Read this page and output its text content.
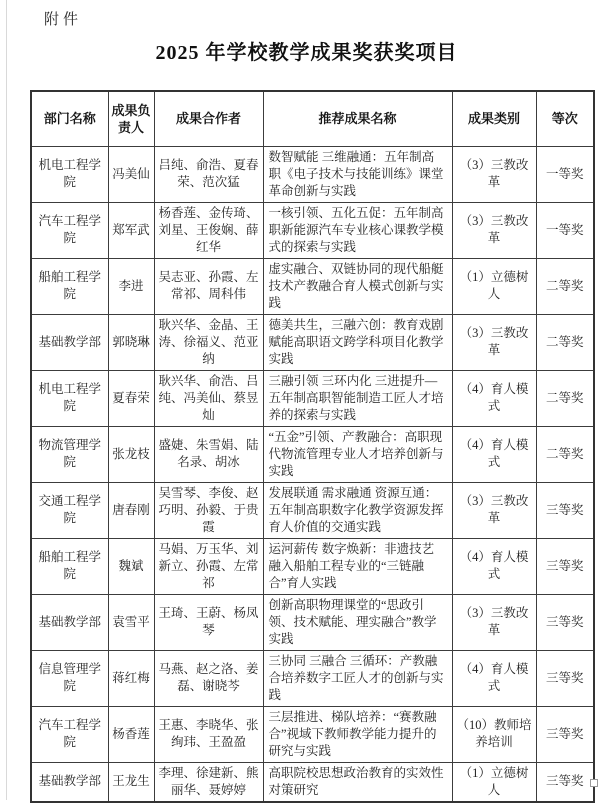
附件
2025 年学校教学成果奖获奖项目
部门名称	成果负责人	成果合作者	推荐成果名称	成果类别	等次
机电工程学院	冯美仙	吕纯、俞浩、夏春荣、范次猛	数智赋能 三维融通：五年制高职《电子技术与技能训练》课堂革命创新与实践	（3）三教改革	一等奖
汽车工程学院	郑军武	杨香莲、金传琦、刘星、王俊娴、薛红华	一核引领、五化五促：五年制高职新能源汽车专业核心课教学模式的探索与实践	（3）三教改革	一等奖
船舶工程学院	李进	吴志亚、孙霞、左常祁、周科伟	虚实融合、双链协同的现代船艇技术产教融合育人模式创新与实践	（1）立德树人	二等奖
基础教学部	郭晓琳	耿兴华、金晶、王涛、徐福义、范亚纳	德美共生，三融六创：教育戏剧赋能高职语文跨学科项目化教学实践	（3）三教改革	二等奖
机电工程学院	夏春荣	耿兴华、俞浩、吕纯、冯美仙、蔡昱灿	三融引领 三环内化 三进提升—五年制高职智能制造工匠人才培养的探索与实践	（4）育人模式	二等奖
物流管理学院	张龙枝	盛婕、朱雪娟、陆名录、胡冰	“五金”引领、产教融合：高职现代物流管理专业人才培养创新与实践	（4）育人模式	二等奖
交通工程学院	唐春刚	吴雪琴、李俊、赵巧明、孙毅、于贵霞	发展联通 需求融通 资源互通：五年制高职数字化教学资源发挥育人价值的交通实践	（3）三教改革	三等奖
船舶工程学院	魏斌	马娟、万玉华、刘新立、孙霞、左常祁	运河薪传 数字焕新：非遗技艺融入船舶工程专业的“三链融合”育人实践	（4）育人模式	三等奖
基础教学部	袁雪平	王琦、王蔚、杨凤琴	创新高职物理课堂的“思政引领、技术赋能、理实融合”教学实践	（3）三教改革	三等奖
信息管理学院	蒋红梅	马燕、赵之洛、姜磊、谢晓芩	三协同 三融合 三循环：产教融合培养数字工匠人才的创新与实践	（4）育人模式	三等奖
汽车工程学院	杨香莲	王惠、李晓华、张绚玮、王盈盈	三层推进、梯队培养：“赛教融合”视域下教师教学能力提升的研究与实践	（10）教师培养培训	三等奖
基础教学部	王龙生	李理、徐建新、熊丽华、聂婷婷	高职院校思想政治教育的实效性对策研究	（1）立德树人	三等奖
